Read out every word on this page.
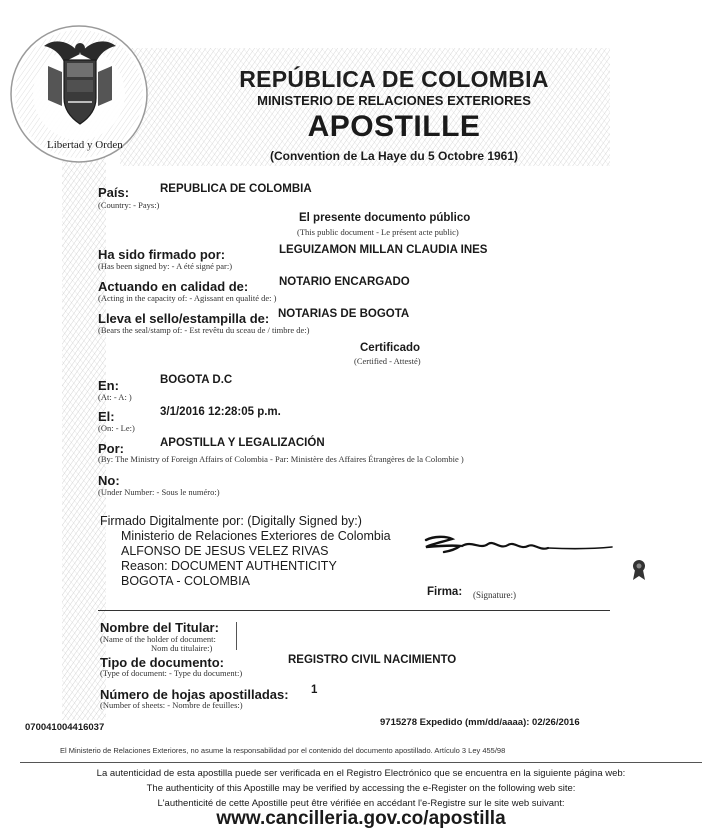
Libertad y Orden
REPÚBLICA DE COLOMBIA
MINISTERIO DE RELACIONES EXTERIORES
APOSTILLE
(Convention de La Haye du 5 Octobre 1961)
País:
(Country: - Pays:)
REPUBLICA DE COLOMBIA
El presente documento público
(This public document - Le présent acte public)
Ha sido firmado por:
(Has been signed by: - A été signé par:)
LEGUIZAMON MILLAN CLAUDIA INES
Actuando en calidad de:
(Acting in the capacity of: - Agissant en qualité de: )
NOTARIO ENCARGADO
Lleva el sello/estampilla de:
(Bears the seal/stamp of: - Est revêtu du sceau de / timbre de:)
NOTARIAS DE BOGOTA
Certificado
(Certified - Attesté)
En:
(At: - A: )
BOGOTA D.C
El:
(On: - Le:)
3/1/2016 12:28:05 p.m.
Por:
(By: The Ministry of Foreign Affairs of Colombia - Par: Ministère des Affaires Étrangères de la Colombie )
APOSTILLA Y LEGALIZACIÓN
No:
(Under Number: - Sous le numéro:)
Firmado Digitalmente por: (Digitally Signed by:)
Ministerio de Relaciones Exteriores de Colombia
ALFONSO DE JESUS VELEZ RIVAS
Reason: DOCUMENT AUTHENTICITY
BOGOTA - COLOMBIA
Firma: (Signature:)
Nombre del Titular:
(Name of the holder of document:
Nom du titulaire:)
Tipo de documento:
(Type of document: - Type du document:)
REGISTRO CIVIL NACIMIENTO
Número de hojas apostilladas:
(Number of sheets: - Nombre de feuilles:)
1
070041004416037	9715278 Expedido (mm/dd/aaaa): 02/26/2016
El Ministerio de Relaciones Exteriores, no asume la responsabilidad por el contenido del documento apostillado. Artículo 3 Ley 455/98
La autenticidad de esta apostilla puede ser verificada en el Registro Electrónico que se encuentra en la siguiente página web:
The authenticity of this Apostille may be verified by accessing the e-Register on the following web site:
L'authenticité de cette Apostille peut être vérifiée en accédant l'e-Registre sur le site web suivant:
www.cancilleria.gov.co/apostilla
